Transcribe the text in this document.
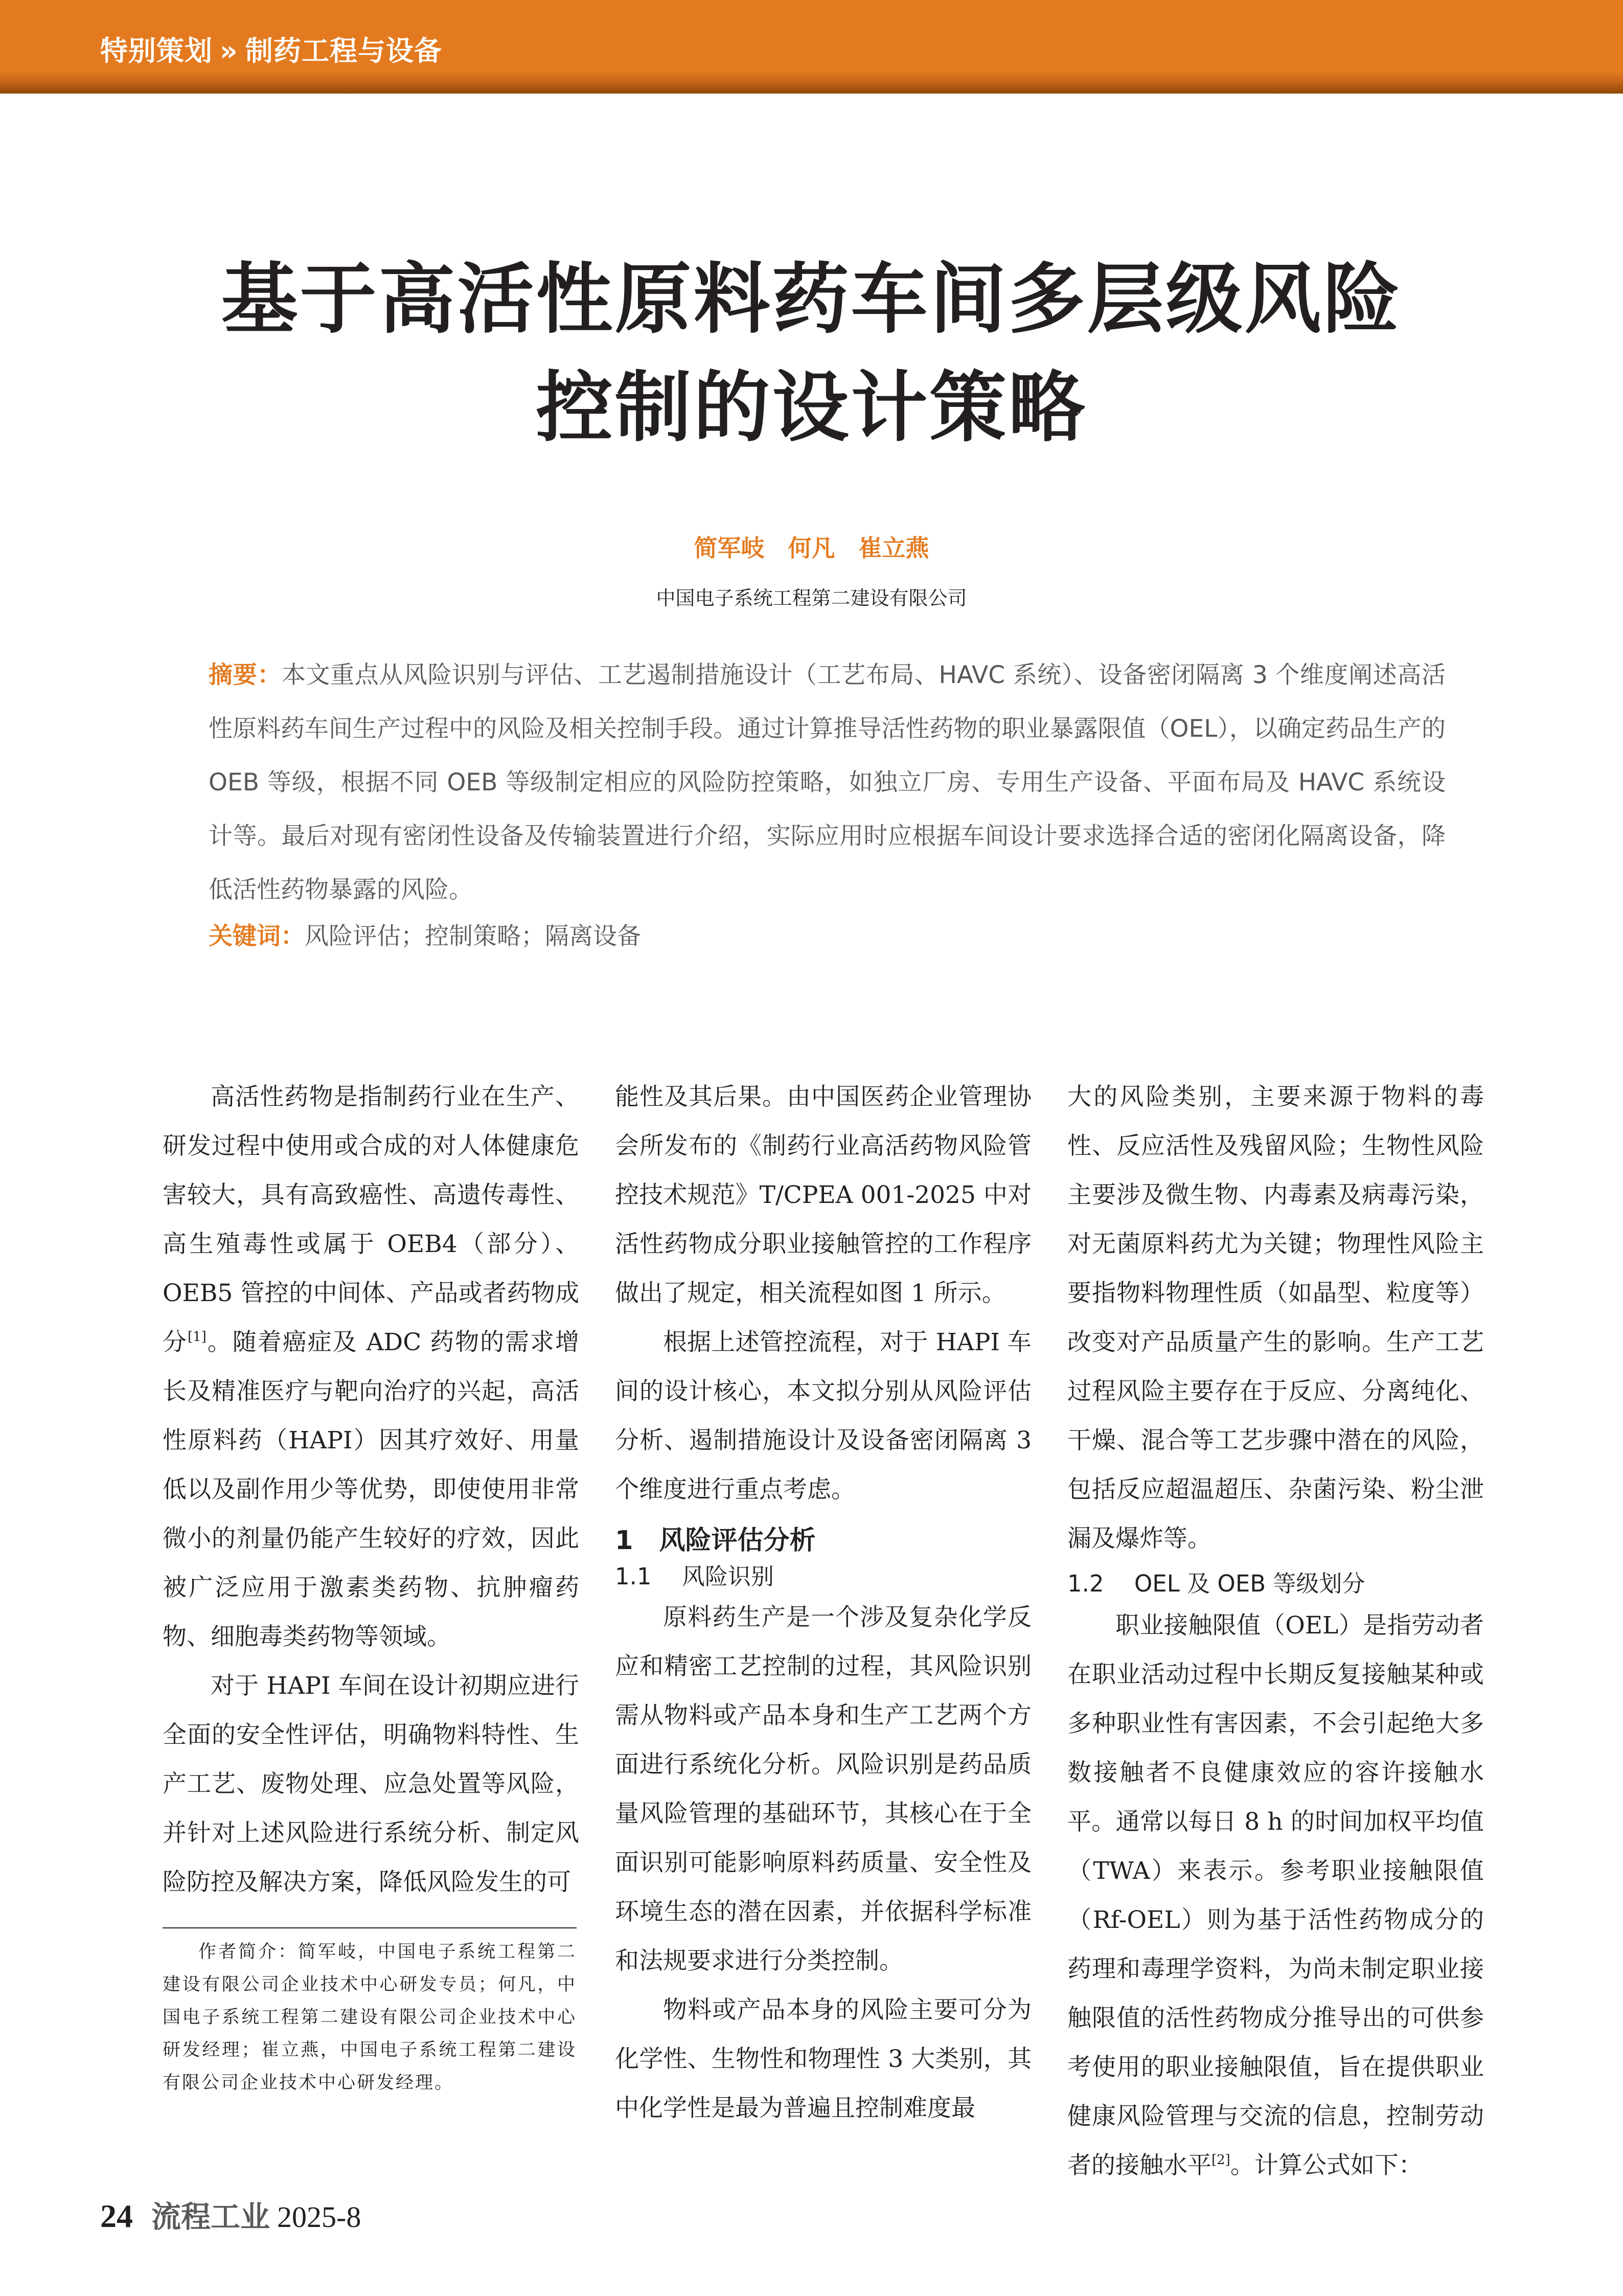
特别策划 » 制药工程与设备
基于高活性原料药车间多层级风险
控制的设计策略
简军岐　何凡　崔立燕
中国电子系统工程第二建设有限公司
摘要：本文重点从风险识别与评估、工艺遏制措施设计（工艺布局、HAVC 系统）、设备密闭隔离 3 个维度阐述高活性原料药车间生产过程中的风险及相关控制手段。通过计算推导活性药物的职业暴露限值（OEL），以确定药品生产的 OEB 等级，根据不同 OEB 等级制定相应的风险防控策略，如独立厂房、专用生产设备、平面布局及 HAVC 系统设计等。最后对现有密闭性设备及传输装置进行介绍，实际应用时应根据车间设计要求选择合适的密闭化隔离设备，降低活性药物暴露的风险。
关键词：风险评估；控制策略；隔离设备

高活性药物是指制药行业在生产、研发过程中使用或合成的对人体健康危害较大，具有高致癌性、高遗传毒性、高生殖毒性或属于 OEB4（部分）、OEB5 管控的中间体、产品或者药物成分[1]。随着癌症及 ADC 药物的需求增长及精准医疗与靶向治疗的兴起，高活性原料药（HAPI）因其疗效好、用量低以及副作用少等优势，即使使用非常微小的剂量仍能产生较好的疗效，因此被广泛应用于激素类药物、抗肿瘤药物、细胞毒类药物等领域。

对于 HAPI 车间在设计初期应进行全面的安全性评估，明确物料特性、生产工艺、废物处理、应急处置等风险，并针对上述风险进行系统分析、制定风险防控及解决方案，降低风险发生的可

能性及其后果。由中国医药企业管理协会所发布的《制药行业高活药物风险管控技术规范》T/CPEA 001-2025 中对活性药物成分职业接触管控的工作程序做出了规定，相关流程如图 1 所示。

根据上述管控流程，对于 HAPI 车间的设计核心，本文拟分别从风险评估分析、遏制措施设计及设备密闭隔离 3 个维度进行重点考虑。

1　风险评估分析
1.1　 风险识别

原料药生产是一个涉及复杂化学反应和精密工艺控制的过程，其风险识别需从物料或产品本身和生产工艺两个方面进行系统化分析。风险识别是药品质量风险管理的基础环节，其核心在于全面识别可能影响原料药质量、安全性及环境生态的潜在因素，并依据科学标准和法规要求进行分类控制。

物料或产品本身的风险主要可分为化学性、生物性和物理性 3 大类别，其中化学性是最为普遍且控制难度最

大的风险类别，主要来源于物料的毒性、反应活性及残留风险；生物性风险主要涉及微生物、内毒素及病毒污染，对无菌原料药尤为关键；物理性风险主要指物料物理性质（如晶型、粒度等）改变对产品质量产生的影响。生产工艺过程风险主要存在于反应、分离纯化、干燥、混合等工艺步骤中潜在的风险，包括反应超温超压、杂菌污染、粉尘泄漏及爆炸等。

1.2　 OEL 及 OEB 等级划分

职业接触限值（OEL）是指劳动者在职业活动过程中长期反复接触某种或多种职业性有害因素，不会引起绝大多数接触者不良健康效应的容许接触水平。通常以每日 8 h 的时间加权平均值（TWA）来表示。参考职业接触限值（Rf-OEL）则为基于活性药物成分的药理和毒理学资料，为尚未制定职业接触限值的活性药物成分推导出的可供参考使用的职业接触限值，旨在提供职业健康风险管理与交流的信息，控制劳动者的接触水平[2]。计算公式如下：

作者简介：简军岐，中国电子系统工程第二建设有限公司企业技术中心研发专员；何凡，中国电子系统工程第二建设有限公司企业技术中心研发经理；崔立燕，中国电子系统工程第二建设有限公司企业技术中心研发经理。
24 流程工业 2025-8
